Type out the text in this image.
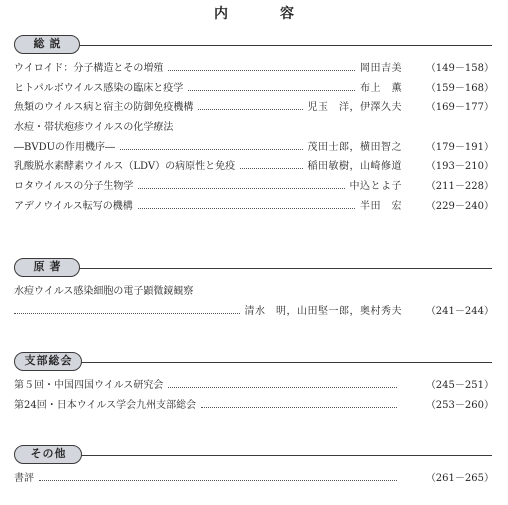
内容
総説
ウイロイド：分子構造とその増殖	岡田吉美	（149－158）
ヒトパルボウイルス感染の臨床と疫学	布上　薫	（159－168）
魚類のウイルス病と宿主の防御免疫機構	児玉　洋，伊澤久夫	（169－177）
水痘・帯状疱疹ウイルスの化学療法
―BVDUの作用機序―	茂田士郎，横田智之	（179－191）
乳酸脱水素酵素ウイルス（LDV）の病原性と免疫	稲田敏樹，山崎修道	（193－210）
ロタウイルスの分子生物学	中込とよ子	（211－228）
アデノウイルス転写の機構	半田　宏	（229－240）
原著
水痘ウイルス感染細胞の電子顕微鏡観察
清水　明，山田堅一郎，奥村秀夫	（241－244）
支部総会
第５回・中国四国ウイルス研究会	（245－251）
第24回・日本ウイルス学会九州支部総会	（253－260）
その他
書評	（261－265）
